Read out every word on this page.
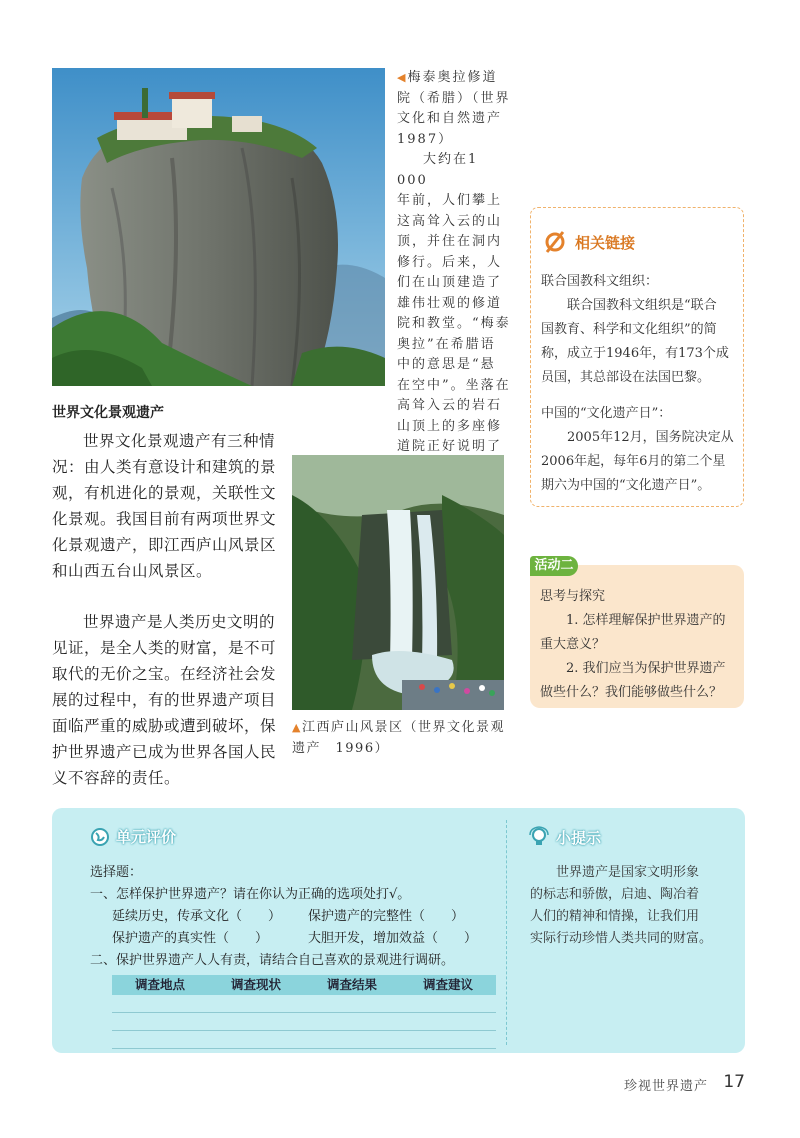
◀梅泰奥拉修道
院（希腊）（世界
文化和自然遗产
1987）
大约在1 000
年前，人们攀上
这高耸入云的山
顶，并住在洞内
修行。后来，人
们在山顶建造了
雄伟壮观的修道
院和教堂。“梅泰
奥拉”在希腊语
中的意思是“悬
在空中”。坐落在
高耸入云的岩石
山顶上的多座修
道院正好说明了
世界文化景观遗产
世界文化景观遗产有三种情
况：由人类有意设计和建筑的景
观，有机进化的景观，关联性文
化景观。我国目前有两项世界文
化景观遗产，即江西庐山风景区
和山西五台山风景区。
世界遗产是人类历史文明的
见证，是全人类的财富，是不可
取代的无价之宝。在经济社会发
展的过程中，有的世界遗产项目
面临严重的威胁或遭到破坏，保
护世界遗产已成为世界各国人民
义不容辞的责任。
▲江西庐山风景区（世界文化景观
遗产　1996）
相关链接
联合国教科文组织：
联合国教科文组织是“联合
国教育、科学和文化组织”的简
称，成立于1946年，有173个成
员国，其总部设在法国巴黎。
中国的“文化遗产日”：
2005年12月，国务院决定从
2006年起，每年6月的第二个星
期六为中国的“文化遗产日”。
思考与探究
1. 怎样理解保护世界遗产的
重大意义？
2. 我们应当为保护世界遗产
做些什么？我们能够做些什么？
活动二
单元评价
选择题：
一、怎样保护世界遗产？请在你认为正确的选项处打√。
延续历史，传承文化（　　）	保护遗产的完整性（　　）
保护遗产的真实性（　　）	大胆开发，增加效益（　　）
二、保护世界遗产人人有责，请结合自己喜欢的景观进行调研。
调查地点	调查现状	调查结果	调查建议
小提示
世界遗产是国家文明形象
的标志和骄傲，启迪、陶冶着
人们的精神和情操，让我们用
实际行动珍惜人类共同的财富。
珍视世界遗产 17
